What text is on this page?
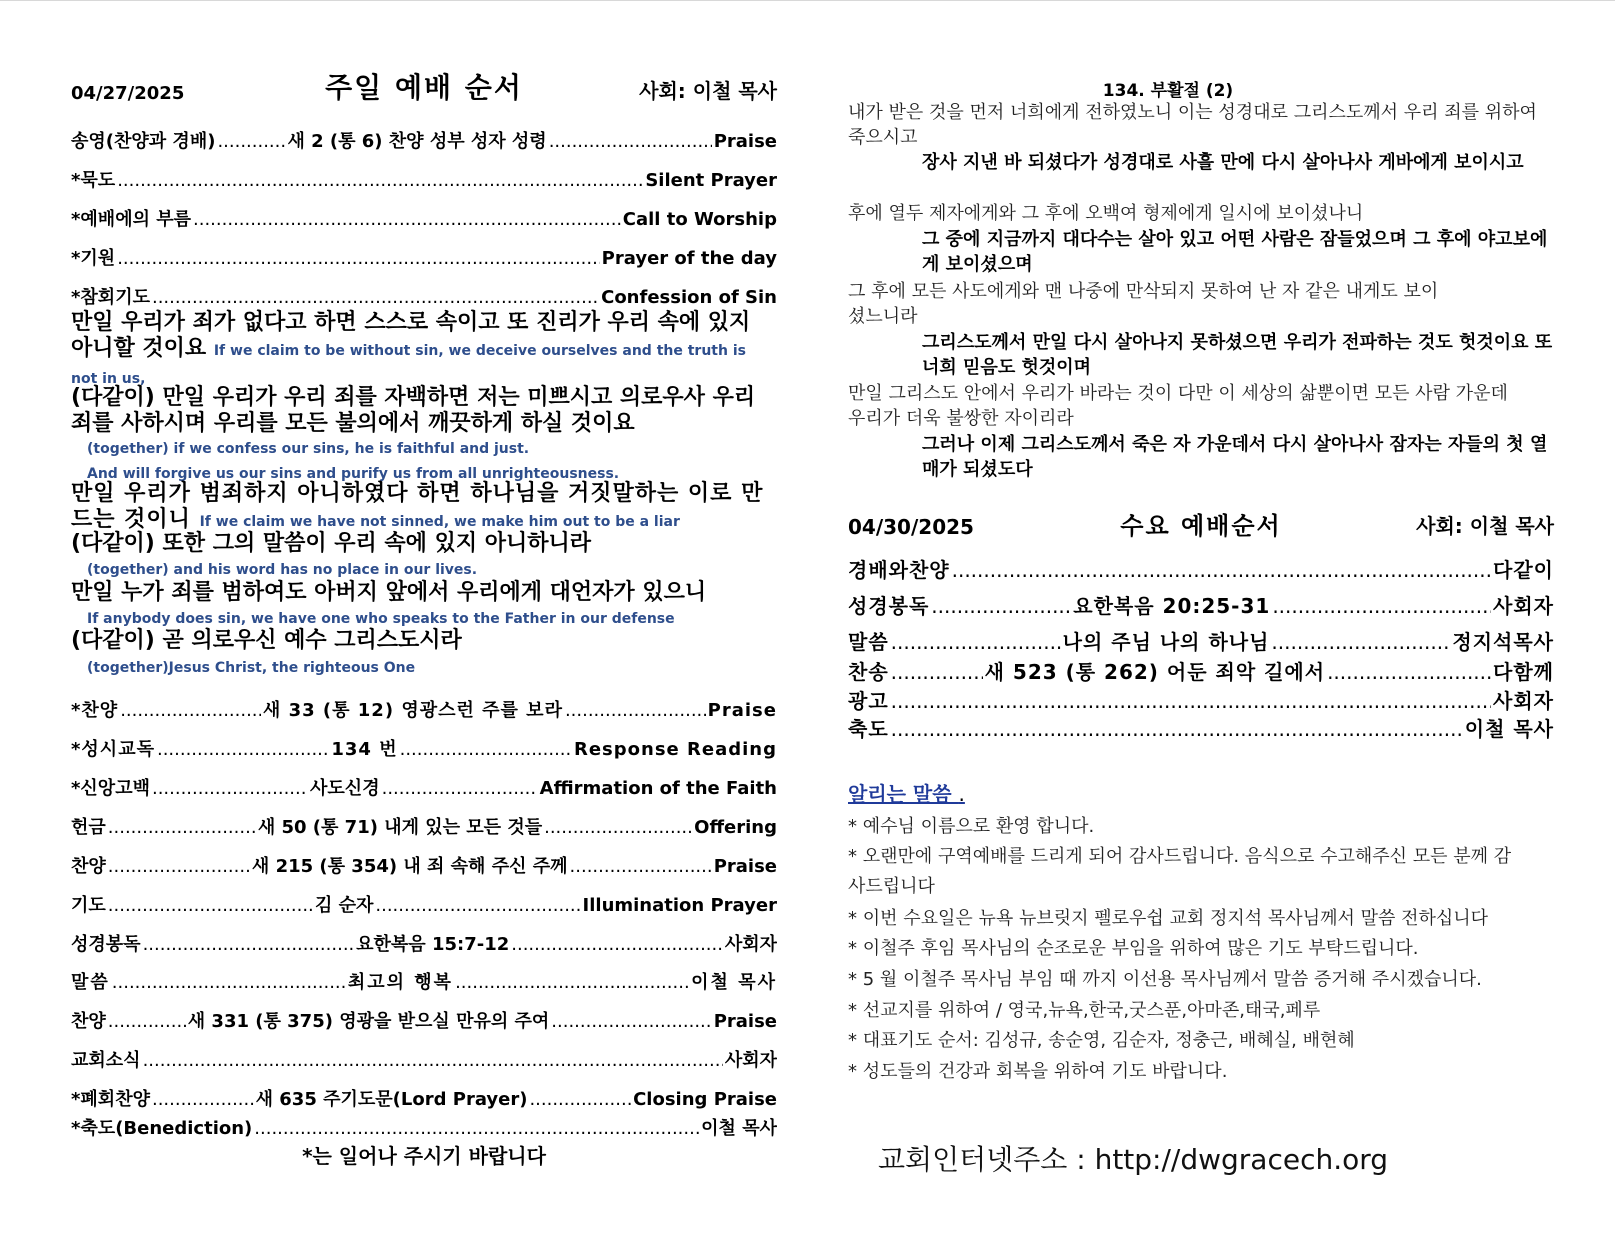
04/27/2025	주일 예배 순서	사회: 이철 목사
송영(찬양과 경배) .....	새 2 (통 6) 찬양 성부 성자 성령 .....	Praise
*묵도 .....	Silent Prayer
*예배에의 부름 .....	Call to Worship
*기원 .....	Prayer of the day
*참회기도 .....	Confession of Sin
만일 우리가 죄가 없다고 하면 스스로 속이고 또 진리가 우리 속에 있지 아니할 것이요 If we claim to be without sin, we deceive ourselves and the truth is not in us,
(다같이) 만일 우리가 우리 죄를 자백하면 저는 미쁘시고 의로우사 우리 죄를 사하시며 우리를 모든 불의에서 깨끗하게 하실 것이요
(together) if we confess our sins, he is faithful and just.
And will forgive us our sins and purify us from all unrighteousness.
만일 우리가 범죄하지 아니하였다 하면 하나님을 거짓말하는 이로 만드는 것이니 If we claim we have not sinned, we make him out to be a liar
(다같이) 또한 그의 말씀이 우리 속에 있지 아니하니라
(together) and his word has no place in our lives.
만일 누가 죄를 범하여도 아버지 앞에서 우리에게 대언자가 있으니
If anybody does sin, we have one who speaks to the Father in our defense
(다같이) 곧 의로우신 예수 그리스도시라
(together)Jesus Christ, the righteous One
*찬양 .....	새 33 (통 12) 영광스런 주를 보라 .....	Praise
*성시교독 .....	134 번 .....	Response Reading
*신앙고백 .....	사도신경 .....	Affirmation of the Faith
헌금 .....	새 50 (통 71) 내게 있는 모든 것들 .....	Offering
찬양 .....	새 215 (통 354) 내 죄 속해 주신 주께 .....	Praise
기도 .....	김 순자 .....	Illumination Prayer
성경봉독 .....	요한복음 15:7-12 .....	사회자
말씀 .....	최고의 행복 .....	이철 목사
찬양 .....	새 331 (통 375) 영광을 받으실 만유의 주여 .....	Praise
교회소식 .....	사회자
*폐회찬양 .....	새 635 주기도문(Lord Prayer) .....	Closing Praise
*축도(Benediction) .....	이철 목사
*는 일어나 주시기 바랍니다
134. 부활절 (2)
내가 받은 것을 먼저 너희에게 전하였노니 이는 성경대로 그리스도께서 우리 죄를 위하여 죽으시고
장사 지낸 바 되셨다가 성경대로 사흘 만에 다시 살아나사 게바에게 보이시고
후에 열두 제자에게와 그 후에 오백여 형제에게 일시에 보이셨나니
그 중에 지금까지 대다수는 살아 있고 어떤 사람은 잠들었으며 그 후에 야고보에게 보이셨으며
그 후에 모든 사도에게와 맨 나중에 만삭되지 못하여 난 자 같은 내게도 보이셨느니라
그리스도께서 만일 다시 살아나지 못하셨으면 우리가 전파하는 것도 헛것이요 또 너희 믿음도 헛것이며
만일 그리스도 안에서 우리가 바라는 것이 다만 이 세상의 삶뿐이면 모든 사람 가운데 우리가 더욱 불쌍한 자이리라
그러나 이제 그리스도께서 죽은 자 가운데서 다시 살아나사 잠자는 자들의 첫 열매가 되셨도다
04/30/2025	수요 예배순서	사회: 이철 목사
경배와찬양 .....	다같이
성경봉독 .....	요한복음 20:25-31 .....	사회자
말씀 .....	나의 주님 나의 하나님 .....	정지석목사
찬송 .....	새 523 (통 262) 어둔 죄악 길에서 .....	다함께
광고 .....	사회자
축도 .....	이철 목사
알리는 말씀 .
* 예수님 이름으로 환영 합니다.
* 오랜만에 구역예배를 드리게 되어 감사드립니다. 음식으로 수고해주신 모든 분께 감사드립니다
* 이번 수요일은 뉴욕 뉴브릿지 펠로우쉽 교회 정지석 목사님께서 말씀 전하십니다
* 이철주 후임 목사님의 순조로운 부임을 위하여 많은 기도 부탁드립니다.
* 5 월 이철주 목사님 부임 때 까지 이선용 목사님께서 말씀 증거해 주시겠습니다.
* 선교지를 위하여 / 영국,뉴욕,한국,굿스푼,아마존,태국,페루
* 대표기도 순서: 김성규, 송순영, 김순자, 정충근, 배혜실, 배현혜
* 성도들의 건강과 회복을 위하여 기도 바랍니다.
교회인터넷주소 : http://dwgracech.org
